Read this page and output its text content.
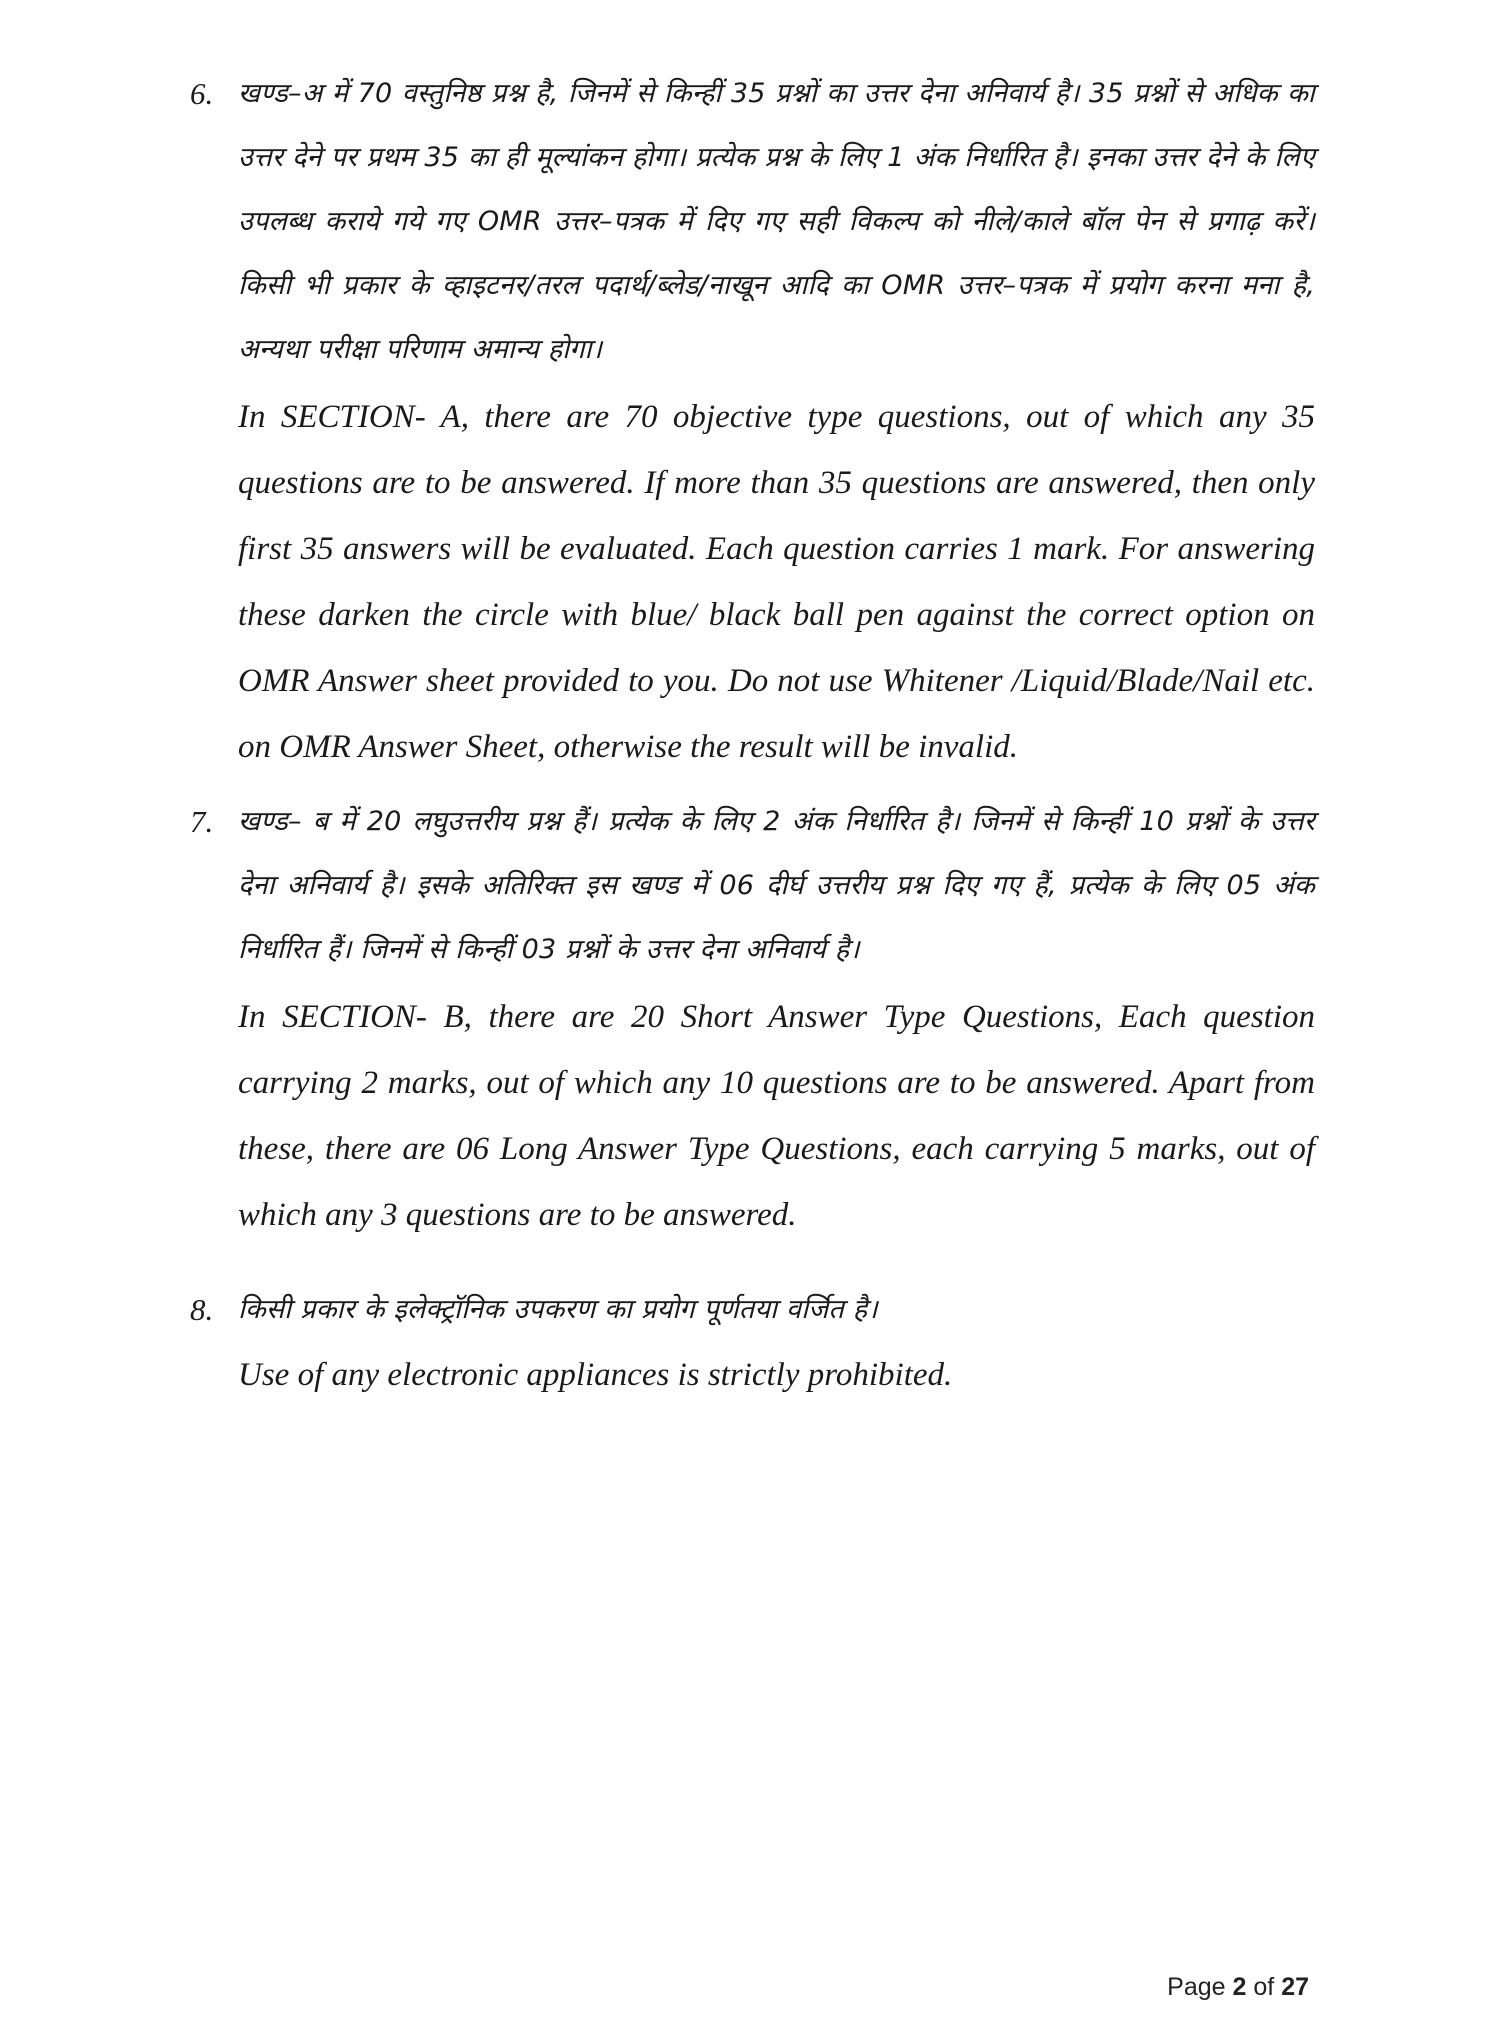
6. खण्ड–अ में 70 वस्तुनिष्ठ प्रश्न है, जिनमें से किन्हीं 35 प्रश्नों का उत्तर देना अनिवार्य है। 35 प्रश्नों से अधिक का उत्तर देने पर प्रथम 35 का ही मूल्यांकन होगा। प्रत्येक प्रश्न के लिए 1 अंक निर्धारित है। इनका उत्तर देने के लिए उपलब्ध कराये गये गए OMR उत्तर–पत्रक में दिए गए सही विकल्प को नीले/काले बॉल पेन से प्रगाढ़ करें। किसी भी प्रकार के व्हाइटनर/तरल पदार्थ/ब्लेड/नाखून आदि का OMR उत्तर–पत्रक में प्रयोग करना मना है, अन्यथा परीक्षा परिणाम अमान्य होगा।

In SECTION- A, there are 70 objective type questions, out of which any 35 questions are to be answered. If more than 35 questions are answered, then only first 35 answers will be evaluated. Each question carries 1 mark. For answering these darken the circle with blue/ black ball pen against the correct option on OMR Answer sheet provided to you. Do not use Whitener /Liquid/Blade/Nail etc. on OMR Answer Sheet, otherwise the result will be invalid.

7. खण्ड– ब में 20 लघुउत्तरीय प्रश्न हैं। प्रत्येक के लिए 2 अंक निर्धारित है। जिनमें से किन्हीं 10 प्रश्नों के उत्तर देना अनिवार्य है। इसके अतिरिक्त इस खण्ड में 06 दीर्घ उत्तरीय प्रश्न दिए गए हैं, प्रत्येक के लिए 05 अंक निर्धारित हैं। जिनमें से किन्हीं 03 प्रश्नों के उत्तर देना अनिवार्य है।

In SECTION- B, there are 20 Short Answer Type Questions, Each question carrying 2 marks, out of which any 10 questions are to be answered. Apart from these, there are 06 Long Answer Type Questions, each carrying 5 marks, out of which any 3 questions are to be answered.

8. किसी प्रकार के इलेक्ट्रॉनिक उपकरण का प्रयोग पूर्णतया वर्जित है।

Use of any electronic appliances is strictly prohibited.

Page 2 of 27
